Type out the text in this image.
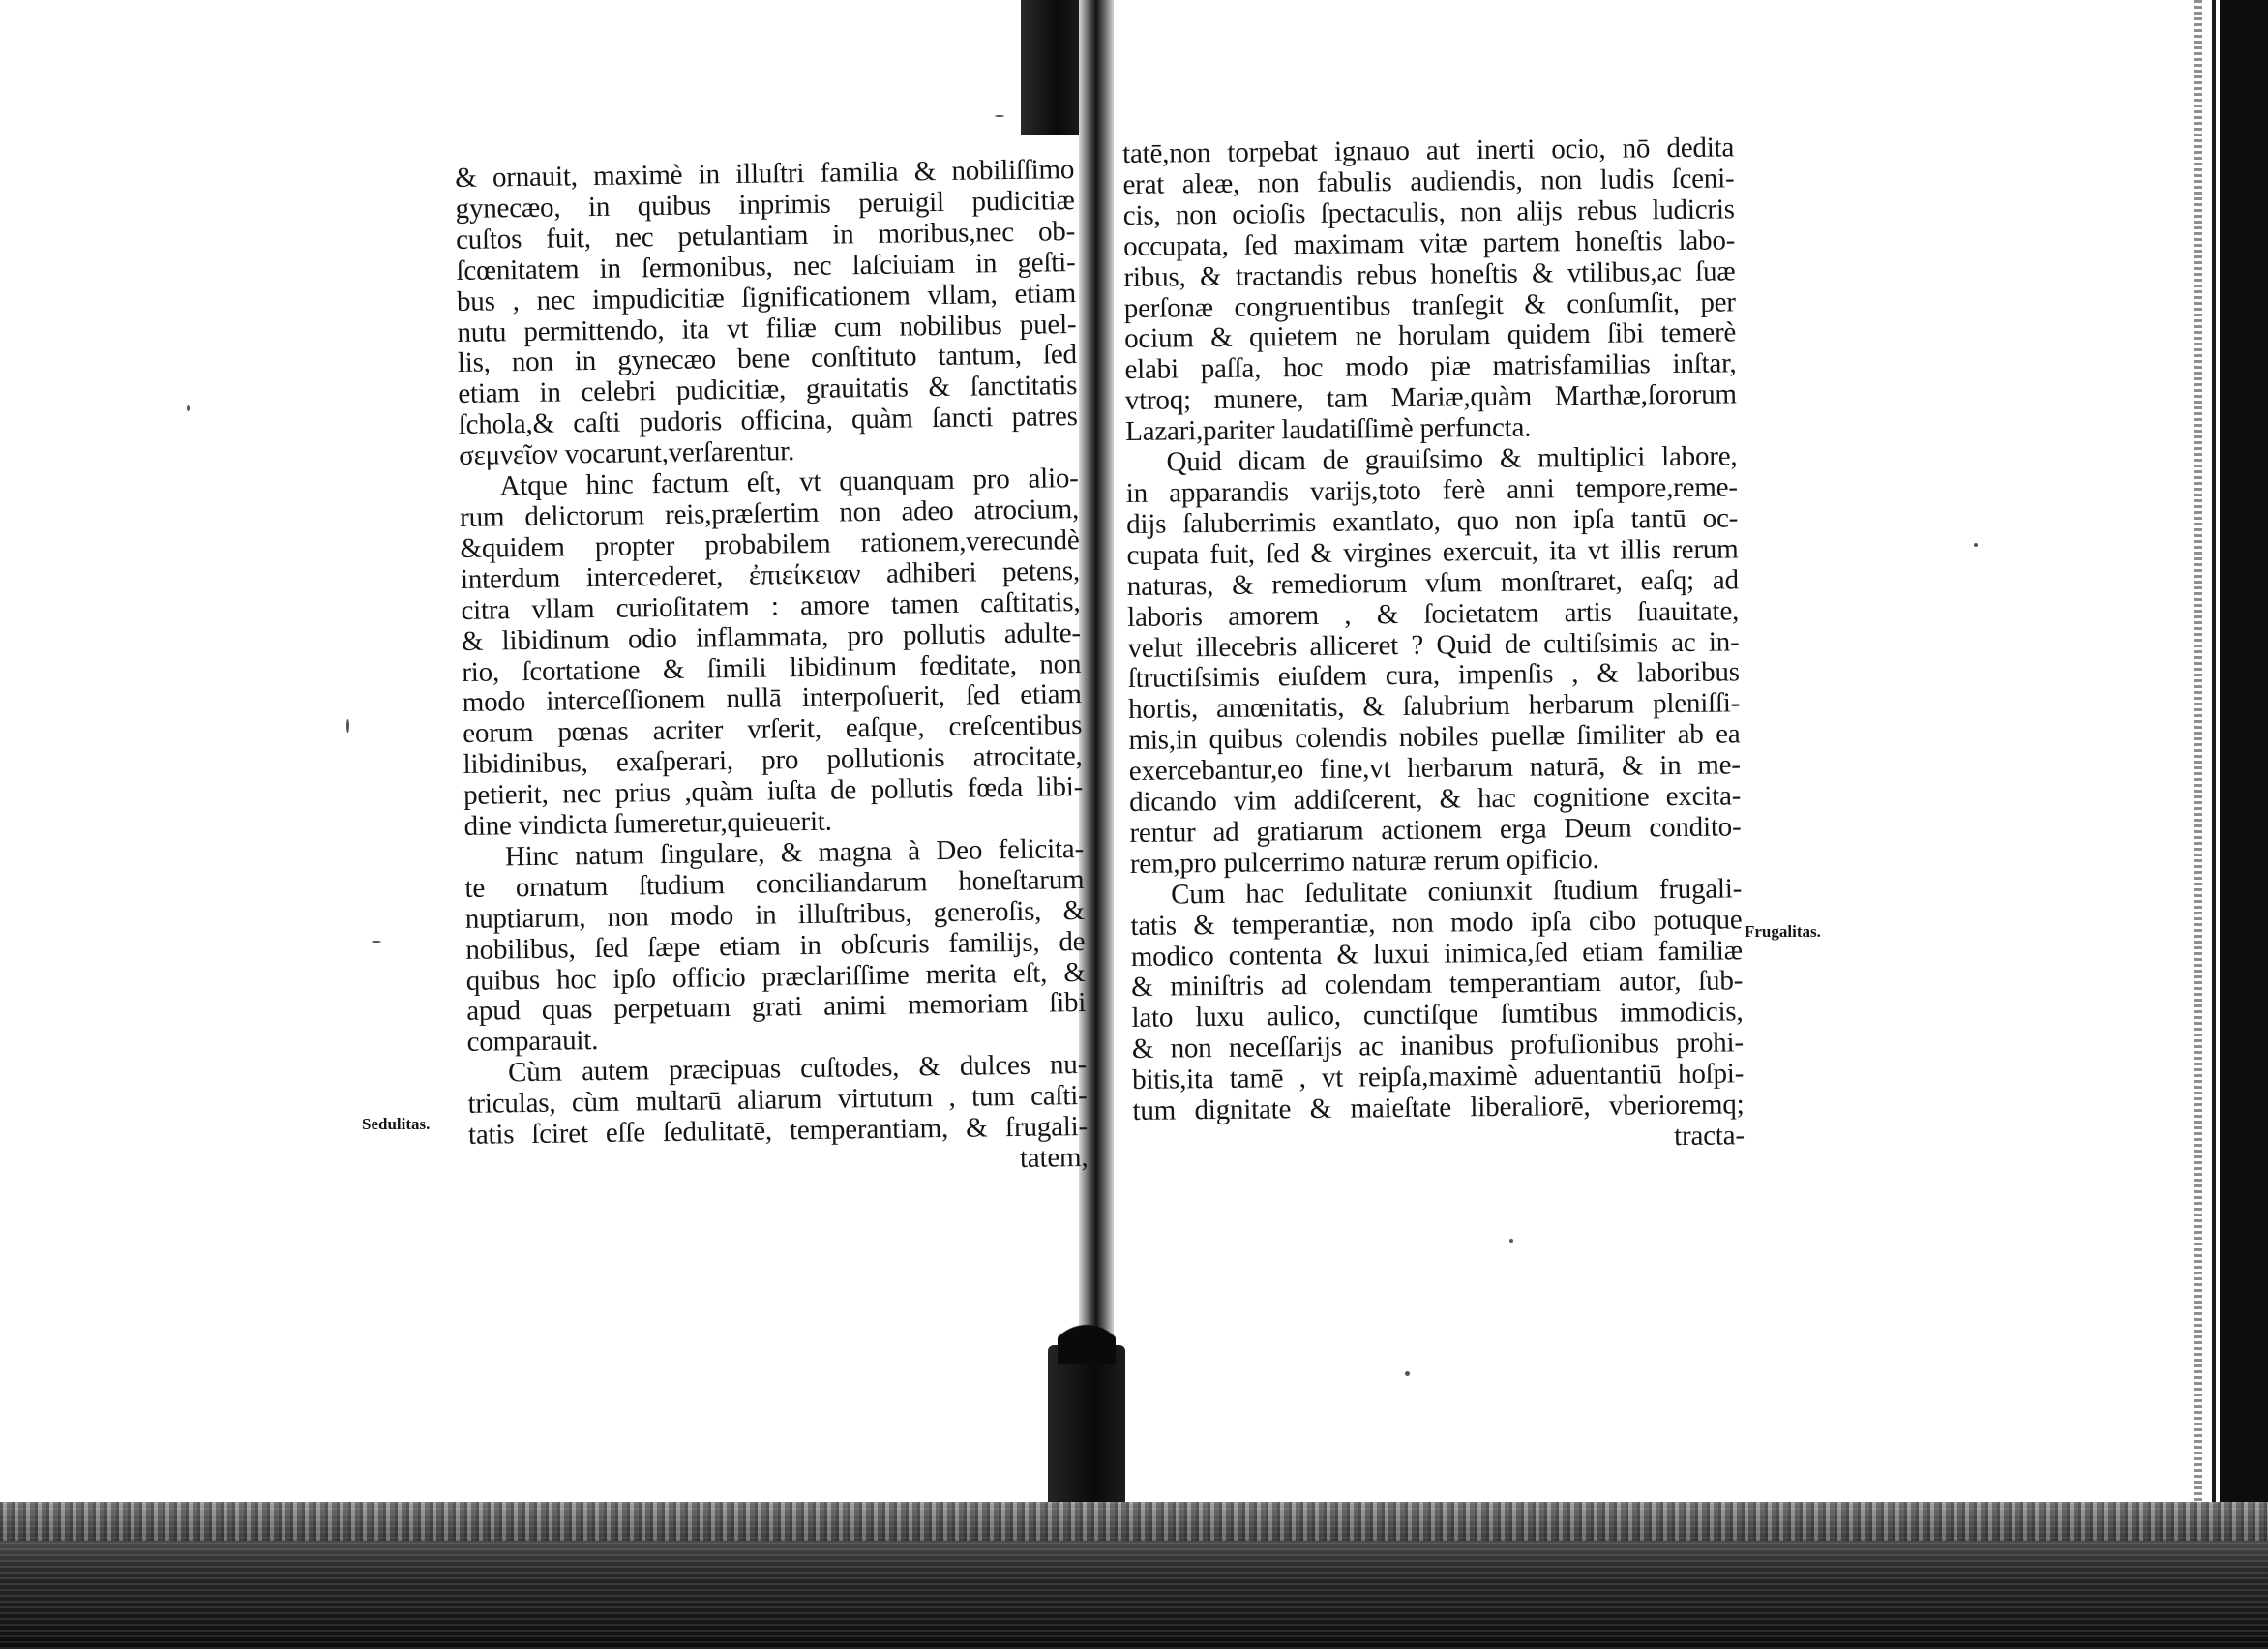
& ornauit, maximè in illuſtri familia & nobiliſſimo
gynecæo, in quibus inprimis peruigil pudicitiæ
cuſtos fuit, nec petulantiam in moribus,nec ob-
ſcœnitatem in ſermonibus, nec laſciuiam in geſti-
bus , nec impudicitiæ ſignificationem vllam, etiam
nutu permittendo, ita vt filiæ cum nobilibus puel-
lis, non in gynecæo bene conſtituto tantum, ſed
etiam in celebri pudicitiæ, grauitatis & ſanctitatis
ſchola,& caſti pudoris officina, quàm ſancti patres
σεμνεῖον vocarunt,verſarentur.
Atque hinc factum eſt, vt quanquam pro alio-
rum delictorum reis,præſertim non adeo atrocium,
&quidem propter probabilem rationem,verecundè
interdum intercederet, ἐπιείκειαν adhiberi petens,
citra vllam curioſitatem : amore tamen caſtitatis,
& libidinum odio inflammata, pro pollutis adulte-
rio, ſcortatione & ſimili libidinum fœditate, non
modo interceſſionem nullā interpoſuerit, ſed etiam
eorum pœnas acriter vrſerit, eaſque, creſcentibus
libidinibus, exaſperari, pro pollutionis atrocitate,
petierit, nec prius ,quàm iuſta de pollutis fœda libi-
dine vindicta ſumeretur,quieuerit.
Hinc natum ſingulare, & magna à Deo felicita-
te ornatum ſtudium conciliandarum honeſtarum
nuptiarum, non modo in illuſtribus, generoſis, &
nobilibus, ſed ſæpe etiam in obſcuris familijs, de
quibus hoc ipſo officio præclariſſime merita eſt, &
apud quas perpetuam grati animi memoriam ſibi
comparauit.
Cùm autem præcipuas cuſtodes, & dulces nu-
triculas, cùm multarū aliarum virtutum , tum caſti-
tatis ſciret eſſe ſedulitatē, temperantiam, & frugali-
tatem,
Sedulitas.
tatē,non torpebat ignauo aut inerti ocio, nō dedita
erat aleæ, non fabulis audiendis, non ludis ſceni-
cis, non ocioſis ſpectaculis, non alijs rebus ludicris
occupata, ſed maximam vitæ partem honeſtis labo-
ribus, & tractandis rebus honeſtis & vtilibus,ac ſuæ
perſonæ congruentibus tranſegit & conſumſit, per
ocium & quietem ne horulam quidem ſibi temerè
elabi paſſa, hoc modo piæ matrisfamilias inſtar,
vtroq; munere, tam Mariæ,quàm Marthæ,ſororum
Lazari,pariter laudatiſſimè perfuncta.
Quid dicam de grauiſsimo & multiplici labore,
in apparandis varijs,toto ferè anni tempore,reme-
dijs ſaluberrimis exantlato, quo non ipſa tantū oc-
cupata fuit, ſed & virgines exercuit, ita vt illis rerum
naturas, & remediorum vſum monſtraret, eaſq; ad
laboris amorem , & ſocietatem artis ſuauitate,
velut illecebris alliceret ? Quid de cultiſsimis ac in-
ſtructiſsimis eiuſdem cura, impenſis , & laboribus
hortis, amœnitatis, & ſalubrium herbarum pleniſſi-
mis,in quibus colendis nobiles puellæ ſimiliter ab ea
exercebantur,eo fine,vt herbarum naturā, & in me-
dicando vim addiſcerent, & hac cognitione excita-
rentur ad gratiarum actionem erga Deum condito-
rem,pro pulcerrimo naturæ rerum opificio.
Cum hac ſedulitate coniunxit ſtudium frugali-
tatis & temperantiæ, non modo ipſa cibo potuque
modico contenta & luxui inimica,ſed etiam familiæ
& miniſtris ad colendam temperantiam autor, ſub-
lato luxu aulico, cunctiſque ſumtibus immodicis,
& non neceſſarijs ac inanibus profuſionibus prohi-
bitis,ita tamē , vt reipſa,maximè aduentantiū hoſpi-
tum dignitate & maieſtate liberaliorē, vberioremq;
tracta-
Frugalitas.
